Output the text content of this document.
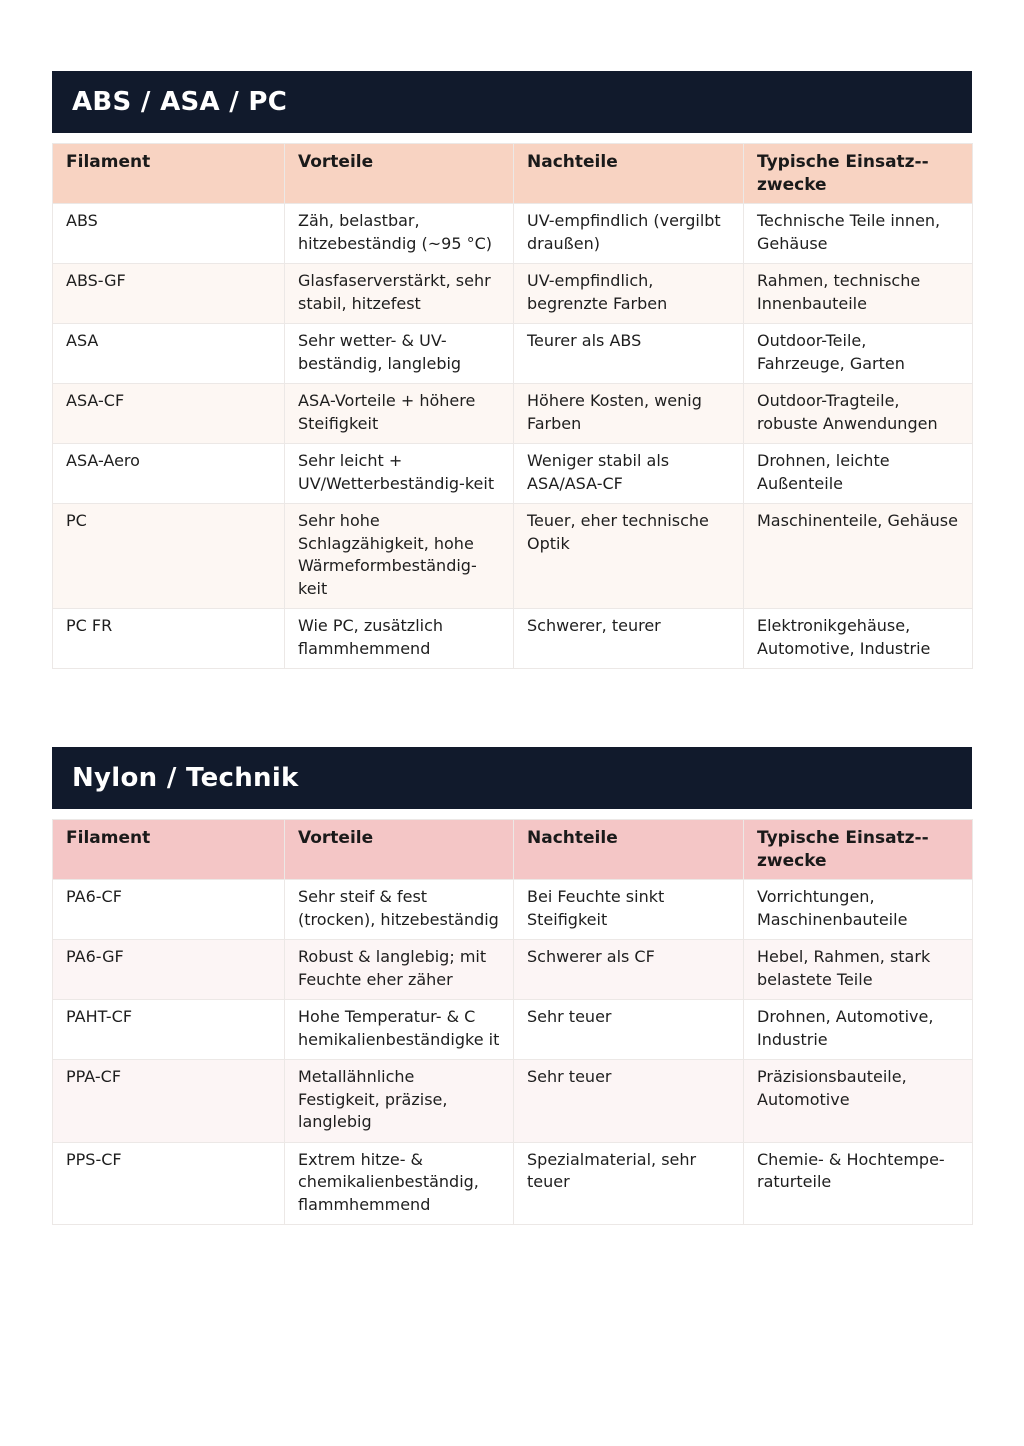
ABS / ASA / PC
Filament	Vorteile	Nachteile	Typische Einsatz-zwecke
ABS	Zäh, belastbar, hitzebeständig (~95 °C)	UV-empfindlich (vergilbt draußen)	Technische Teile innen, Gehäuse
ABS-GF	Glasfaserverstärkt, sehr stabil, hitzefest	UV-empfindlich, begrenzte Farben	Rahmen, technische Innenbauteile
ASA	Sehr wetter- & UV-beständig, langlebig	Teurer als ABS	Outdoor-Teile, Fahrzeuge, Garten
ASA-CF	ASA-Vorteile + höhere Steifigkeit	Höhere Kosten, wenig Farben	Outdoor-Tragteile, robuste Anwendungen
ASA-Aero	Sehr leicht + UV/Wetterbeständig-keit	Weniger stabil als ASA/ASA-CF	Drohnen, leichte Außenteile
PC	Sehr hohe Schlagzähigkeit, hohe Wärmeformbeständig-keit	Teuer, eher technische Optik	Maschinenteile, Gehäuse
PC FR	Wie PC, zusätzlich flammhemmend	Schwerer, teurer	Elektronikgehäuse, Automotive, Industrie
Nylon / Technik
Filament	Vorteile	Nachteile	Typische Einsatz-zwecke
PA6-CF	Sehr steif & fest (trocken), hitzebeständig	Bei Feuchte sinkt Steifigkeit	Vorrichtungen, Maschinenbauteile
PA6-GF	Robust & langlebig; mit Feuchte eher zäher	Schwerer als CF	Hebel, Rahmen, stark belastete Teile
PAHT-CF	Hohe Temperatur- & C hemikalienbeständigke it	Sehr teuer	Drohnen, Automotive, Industrie
PPA-CF	Metallähnliche Festigkeit, präzise, langlebig	Sehr teuer	Präzisionsbauteile, Automotive
PPS-CF	Extrem hitze- & chemikalienbeständig, flammhemmend	Spezialmaterial, sehr teuer	Chemie- & Hochtempe-raturteile
